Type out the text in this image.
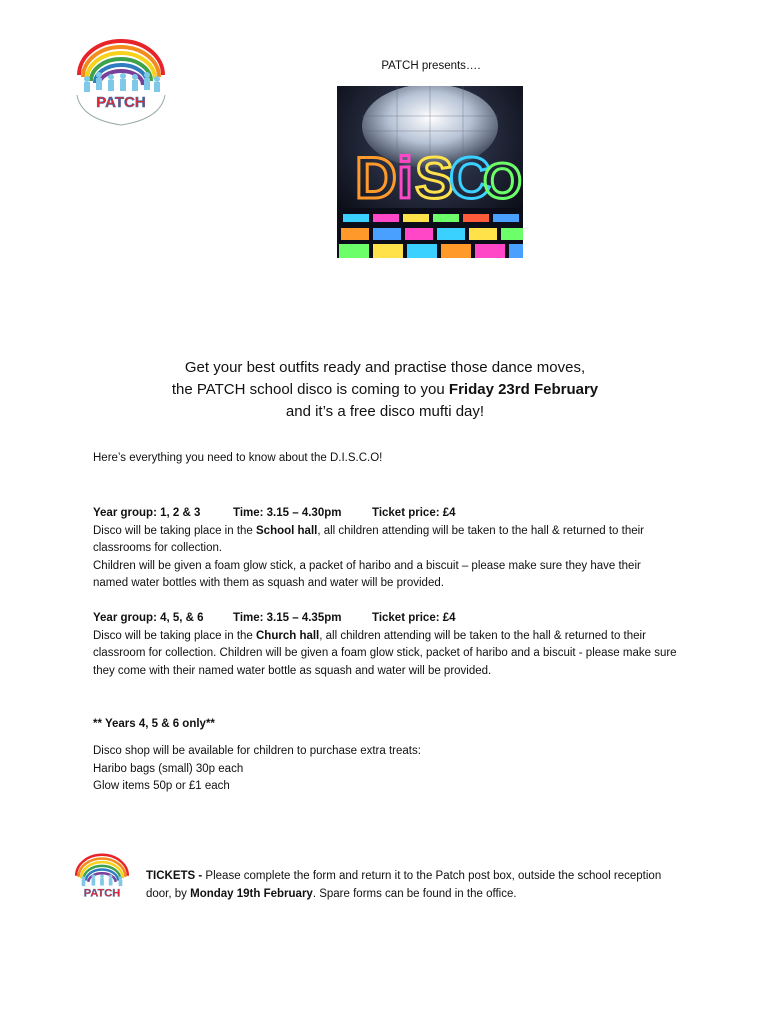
PATCH
PATCH presents….
D i S
C
O
Get your best outfits ready and practise those dance moves,
the PATCH school disco is coming to you Friday 23rd February
and it’s a free disco mufti day!
Here’s everything you need to know about the D.I.S.C.O!
Year group: 1, 2 & 3	Time: 3.15 – 4.30pm	Ticket price: £4
Disco will be taking place in the School hall, all children attending will be taken to the hall & returned to their classrooms for collection.
Children will be given a foam glow stick, a packet of haribo and a biscuit – please make sure they have their named water bottles with them as squash and water will be provided.
Year group: 4, 5, & 6	Time: 3.15 – 4.35pm	Ticket price: £4
Disco will be taking place in the Church hall, all children attending will be taken to the hall & returned to their classroom for collection. Children will be given a foam glow stick, packet of haribo and a biscuit - please make sure they come with their named water bottle as squash and water will be provided.
** Years 4, 5 & 6 only**
Disco shop will be available for children to purchase extra treats:
Haribo bags (small) 30p each
Glow items 50p or £1 each
PATCH
TICKETS - Please complete the form and return it to the Patch post box, outside the school reception door, by Monday 19th February. Spare forms can be found in the office.
